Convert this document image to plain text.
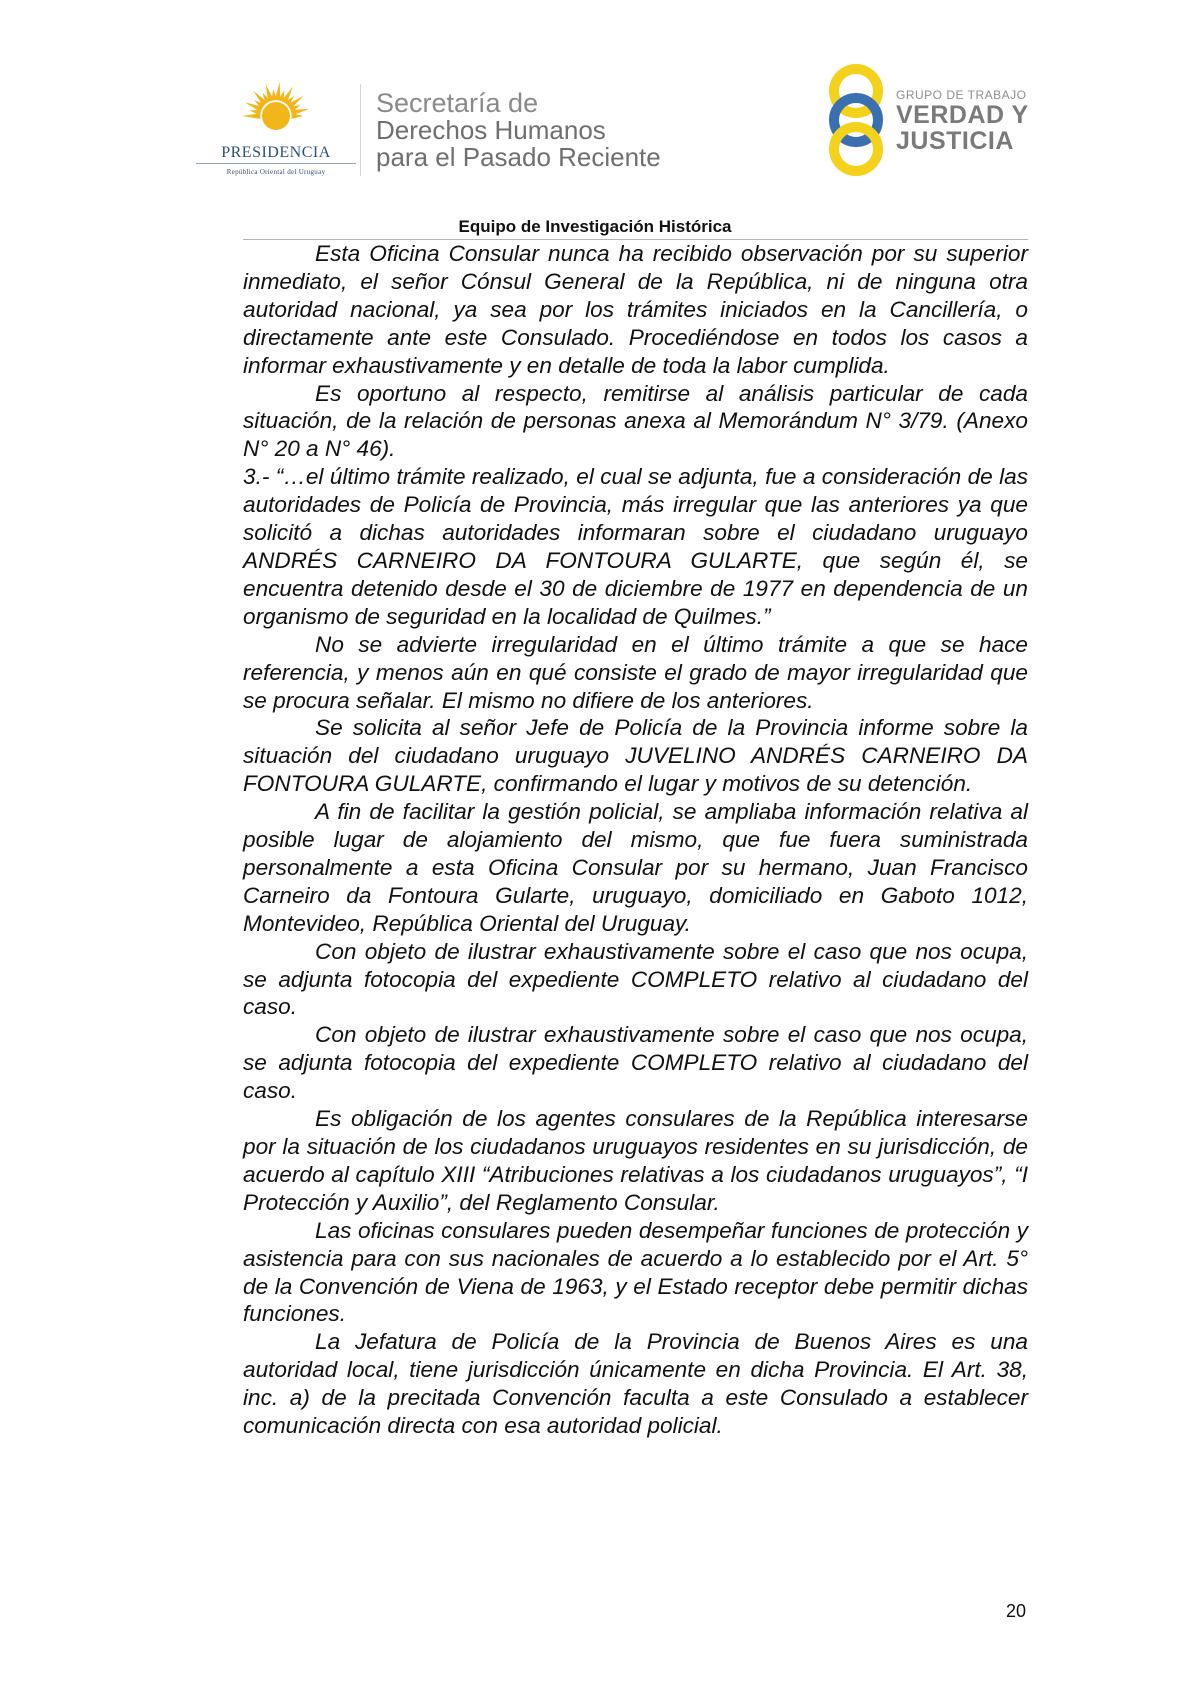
PRESIDENCIA
República Oriental del Uruguay
Secretaría de
Derechos Humanos
para el Pasado Reciente
GRUPO DE TRABAJO
VERDAD Y
JUSTICIA
Equipo de Investigación Histórica

Esta Oficina Consular nunca ha recibido observación por su superior inmediato, el señor Cónsul General de la República, ni de ninguna otra autoridad nacional, ya sea por los trámites iniciados en la Cancillería, o directamente ante este Consulado. Procediéndose en todos los casos a informar exhaustivamente y en detalle de toda la labor cumplida.

Es oportuno al respecto, remitirse al análisis particular de cada situación, de la relación de personas anexa al Memorándum N° 3/79. (Anexo N° 20 a N° 46).

3.- “…el último trámite realizado, el cual se adjunta, fue a consideración de las autoridades de Policía de Provincia, más irregular que las anteriores ya que solicitó a dichas autoridades informaran sobre el ciudadano uruguayo ANDRÉS CARNEIRO DA FONTOURA GULARTE, que según él, se encuentra detenido desde el 30 de diciembre de 1977 en dependencia de un organismo de seguridad en la localidad de Quilmes.”

No se advierte irregularidad en el último trámite a que se hace referencia, y menos aún en qué consiste el grado de mayor irregularidad que se procura señalar. El mismo no difiere de los anteriores.

Se solicita al señor Jefe de Policía de la Provincia informe sobre la situación del ciudadano uruguayo JUVELINO ANDRÉS CARNEIRO DA FONTOURA GULARTE, confirmando el lugar y motivos de su detención.

A fin de facilitar la gestión policial, se ampliaba información relativa al posible lugar de alojamiento del mismo, que fue fuera suministrada personalmente a esta Oficina Consular por su hermano, Juan Francisco Carneiro da Fontoura Gularte, uruguayo, domiciliado en Gaboto 1012, Montevideo, República Oriental del Uruguay.

Con objeto de ilustrar exhaustivamente sobre el caso que nos ocupa, se adjunta fotocopia del expediente COMPLETO relativo al ciudadano del caso.

Con objeto de ilustrar exhaustivamente sobre el caso que nos ocupa, se adjunta fotocopia del expediente COMPLETO relativo al ciudadano del caso.

Es obligación de los agentes consulares de la República interesarse por la situación de los ciudadanos uruguayos residentes en su jurisdicción, de acuerdo al capítulo XIII “Atribuciones relativas a los ciudadanos uruguayos”, “I Protección y Auxilio”, del Reglamento Consular.

Las oficinas consulares pueden desempeñar funciones de protección y asistencia para con sus nacionales de acuerdo a lo establecido por el Art. 5° de la Convención de Viena de 1963, y el Estado receptor debe permitir dichas funciones.

La Jefatura de Policía de la Provincia de Buenos Aires es una autoridad local, tiene jurisdicción únicamente en dicha Provincia. El Art. 38, inc. a) de la precitada Convención faculta a este Consulado a establecer comunicación directa con esa autoridad policial.

20
